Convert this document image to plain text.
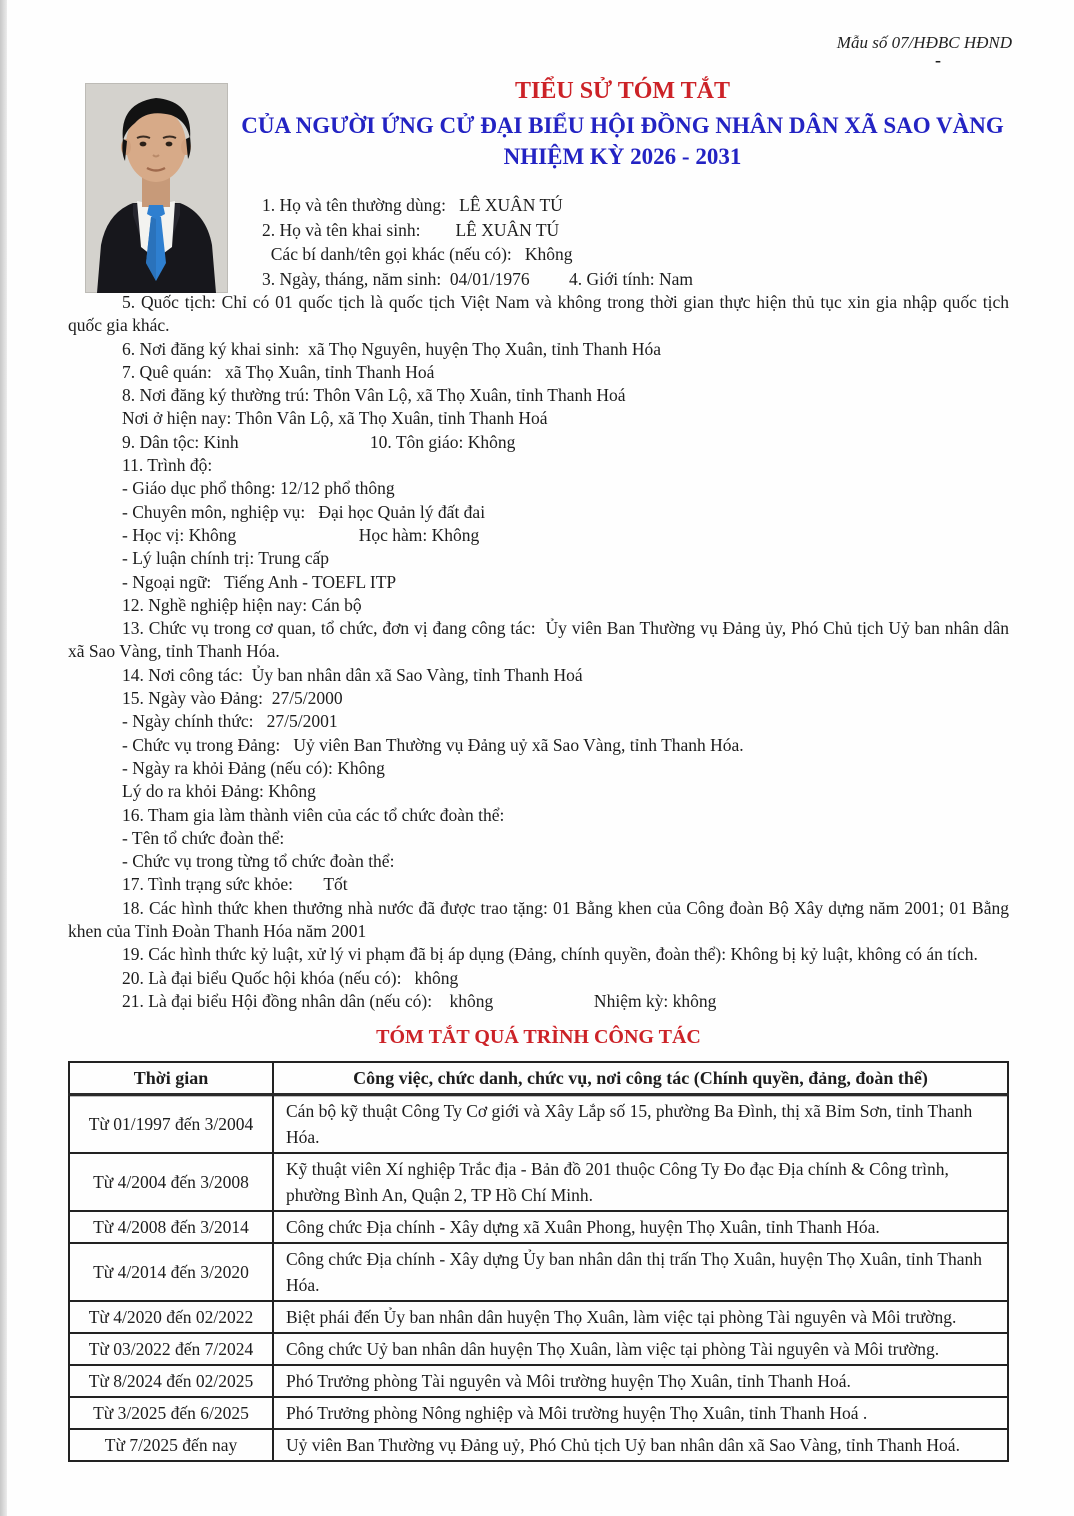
Mẫu số 07/HĐBC HĐND
-

TIỂU SỬ TÓM TẮT

CỦA NGƯỜI ỨNG CỬ ĐẠI BIỂU HỘI ĐỒNG NHÂN DÂN XÃ SAO VÀNG

NHIỆM KỲ 2026 - 2031

1. Họ và tên thường dùng:   LÊ XUÂN TÚ

2. Họ và tên khai sinh:        LÊ XUÂN TÚ

Các bí danh/tên gọi khác (nếu có):   Không

3. Ngày, tháng, năm sinh:  04/01/1976         4. Giới tính: Nam

5. Quốc tịch: Chỉ có 01 quốc tịch là quốc tịch Việt Nam và không trong thời gian thực hiện thủ tục xin gia nhập quốc tịch quốc gia khác.

6. Nơi đăng ký khai sinh:  xã Thọ Nguyên, huyện Thọ Xuân, tỉnh Thanh Hóa

7. Quê quán:   xã Thọ Xuân, tỉnh Thanh Hoá

8. Nơi đăng ký thường trú: Thôn Vân Lộ, xã Thọ Xuân, tỉnh Thanh Hoá

Nơi ở hiện nay: Thôn Vân Lộ, xã Thọ Xuân, tỉnh Thanh Hoá

9. Dân tộc: Kinh                              10. Tôn giáo: Không

11. Trình độ:

- Giáo dục phổ thông: 12/12 phổ thông

- Chuyên môn, nghiệp vụ:   Đại học Quản lý đất đai

- Học vị: Không                            Học hàm: Không

- Lý luận chính trị: Trung cấp

- Ngoại ngữ:   Tiếng Anh - TOEFL ITP

12. Nghề nghiệp hiện nay: Cán bộ

13. Chức vụ trong cơ quan, tổ chức, đơn vị đang công tác:  Ủy viên Ban Thường vụ Đảng ủy, Phó Chủ tịch Uỷ ban nhân dân xã Sao Vàng, tỉnh Thanh Hóa.

14. Nơi công tác:  Ủy ban nhân dân xã Sao Vàng, tỉnh Thanh Hoá

15. Ngày vào Đảng:  27/5/2000

- Ngày chính thức:   27/5/2001

- Chức vụ trong Đảng:   Uỷ viên Ban Thường vụ Đảng uỷ xã Sao Vàng, tỉnh Thanh Hóa.

- Ngày ra khỏi Đảng (nếu có): Không

Lý do ra khỏi Đảng: Không

16. Tham gia làm thành viên của các tổ chức đoàn thể:

- Tên tổ chức đoàn thể:

- Chức vụ trong từng tổ chức đoàn thể:

17. Tình trạng sức khỏe:       Tốt

18. Các hình thức khen thưởng nhà nước đã được trao tặng: 01 Bằng khen của Công đoàn Bộ Xây dựng năm 2001; 01 Bằng khen của Tỉnh Đoàn Thanh Hóa năm 2001

19. Các hình thức kỷ luật, xử lý vi phạm đã bị áp dụng (Đảng, chính quyền, đoàn thể): Không bị kỷ luật, không có án tích.

20. Là đại biểu Quốc hội khóa (nếu có):   không

21. Là đại biểu Hội đồng nhân dân (nếu có):    không                       Nhiệm kỳ: không

TÓM TẮT QUÁ TRÌNH CÔNG TÁC

Thời gian	Công việc, chức danh, chức vụ, nơi công tác (Chính quyền, đảng, đoàn thể)
Từ 01/1997 đến 3/2004	Cán bộ kỹ thuật Công Ty Cơ giới và Xây Lắp số 15, phường Ba Đình, thị xã Bỉm Sơn, tỉnh Thanh Hóa.
Từ 4/2004 đến 3/2008	Kỹ thuật viên Xí nghiệp Trắc địa - Bản đồ 201 thuộc Công Ty Đo đạc Địa chính & Công trình, phường Bình An, Quận 2, TP Hồ Chí Minh.
Từ 4/2008 đến 3/2014	Công chức Địa chính - Xây dựng xã Xuân Phong, huyện Thọ Xuân, tỉnh Thanh Hóa.
Từ 4/2014 đến 3/2020	Công chức Địa chính - Xây dựng Ủy ban nhân dân thị trấn Thọ Xuân, huyện Thọ Xuân, tỉnh Thanh Hóa.
Từ 4/2020 đến 02/2022	Biệt phái đến Ủy ban nhân dân huyện Thọ Xuân, làm việc tại phòng Tài nguyên và Môi trường.
Từ 03/2022 đến 7/2024	Công chức Uỷ ban nhân dân huyện Thọ Xuân, làm việc tại phòng Tài nguyên và Môi trường.
Từ 8/2024 đến 02/2025	Phó Trưởng phòng Tài nguyên và Môi trường huyện Thọ Xuân, tỉnh Thanh Hoá.
Từ 3/2025 đến 6/2025	Phó Trưởng phòng Nông nghiệp và Môi trường huyện Thọ Xuân, tỉnh Thanh Hoá .
Từ 7/2025 đến nay	Uỷ viên Ban Thường vụ Đảng uỷ, Phó Chủ tịch Uỷ ban nhân dân xã Sao Vàng, tỉnh Thanh Hoá.
